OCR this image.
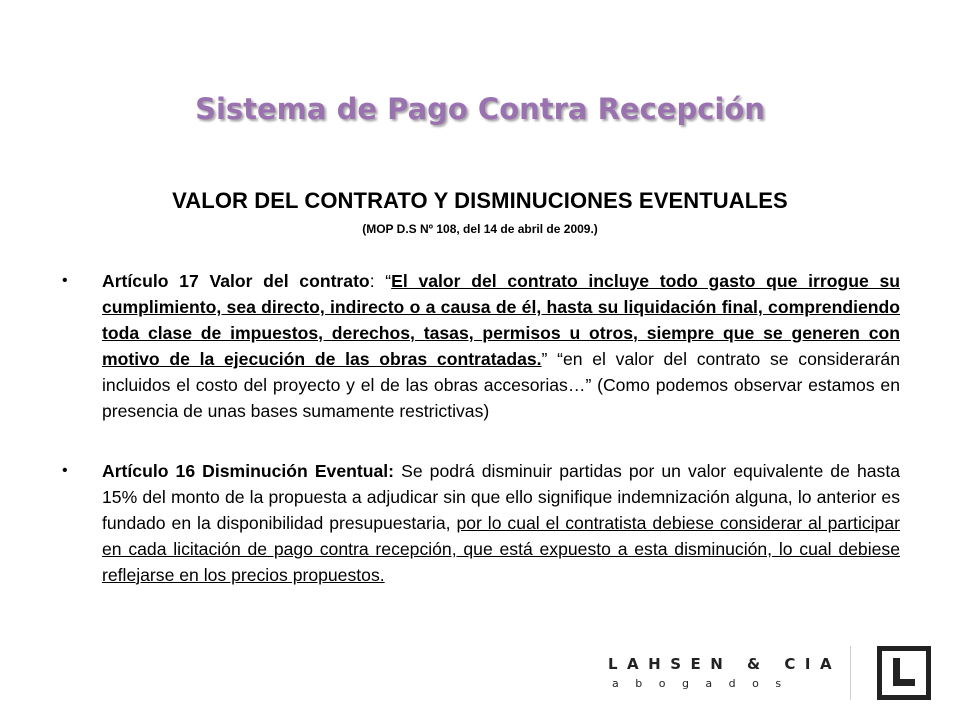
Sistema de Pago Contra Recepción
VALOR DEL CONTRATO Y DISMINUCIONES EVENTUALES
(MOP D.S Nº 108, del 14 de abril de 2009.)
• Artículo 17 Valor del contrato: “El valor del contrato incluye todo gasto que irrogue su cumplimiento, sea directo, indirecto o a causa de él, hasta su liquidación final, comprendiendo toda clase de impuestos, derechos, tasas, permisos u otros, siempre que se generen con motivo de la ejecución de las obras contratadas.” “en el valor del contrato se considerarán incluidos el costo del proyecto y el de las obras accesorias…” (Como podemos observar estamos en presencia de unas bases sumamente restrictivas)
• Artículo 16 Disminución Eventual: Se podrá disminuir partidas por un valor equivalente de hasta 15% del monto de la propuesta a adjudicar sin que ello signifique indemnización alguna, lo anterior es fundado en la disponibilidad presupuestaria, por lo cual el contratista debiese considerar al participar en cada licitación de pago contra recepción, que está expuesto a esta disminución, lo cual debiese reflejarse en los precios propuestos.
LAHSEN & CIA
abogados
